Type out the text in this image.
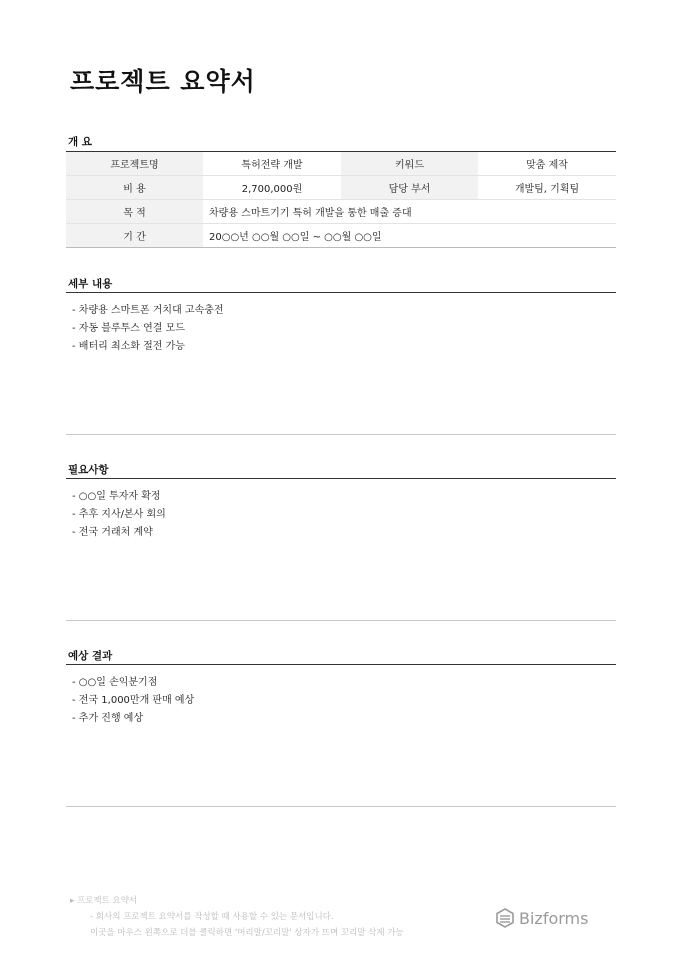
프로젝트 요약서
개 요
프로젝트명	특허전략 개발	키워드	맞춤 제작
비 용	2,700,000원	담당 부서	개발팀, 기획팀
목 적	차량용 스마트기기 특허 개발을 통한 매출 증대		
기 간	20○○년 ○○월 ○○일 ~ ○○월 ○○일		
세부 내용
- 차량용 스마트폰 거치대 고속충전
- 자동 블루투스 연결 모드
- 배터리 최소화 절전 가능
필요사항
- ○○일 투자자 확정
- 추후 지사/본사 회의
- 전국 거래처 계약
예상 결과
- ○○일 손익분기점
- 전국 1,000만개 판매 예상
- 추가 진행 예상
▸ 프로젝트 요약서
- 회사의 프로젝트 요약서를 작성할 때 사용할 수 있는 문서입니다.
이곳을 마우스 왼쪽으로 더블 클릭하면 '머리말/꼬리말' 상자가 뜨며 꼬리말 삭제 가능
Bizforms
